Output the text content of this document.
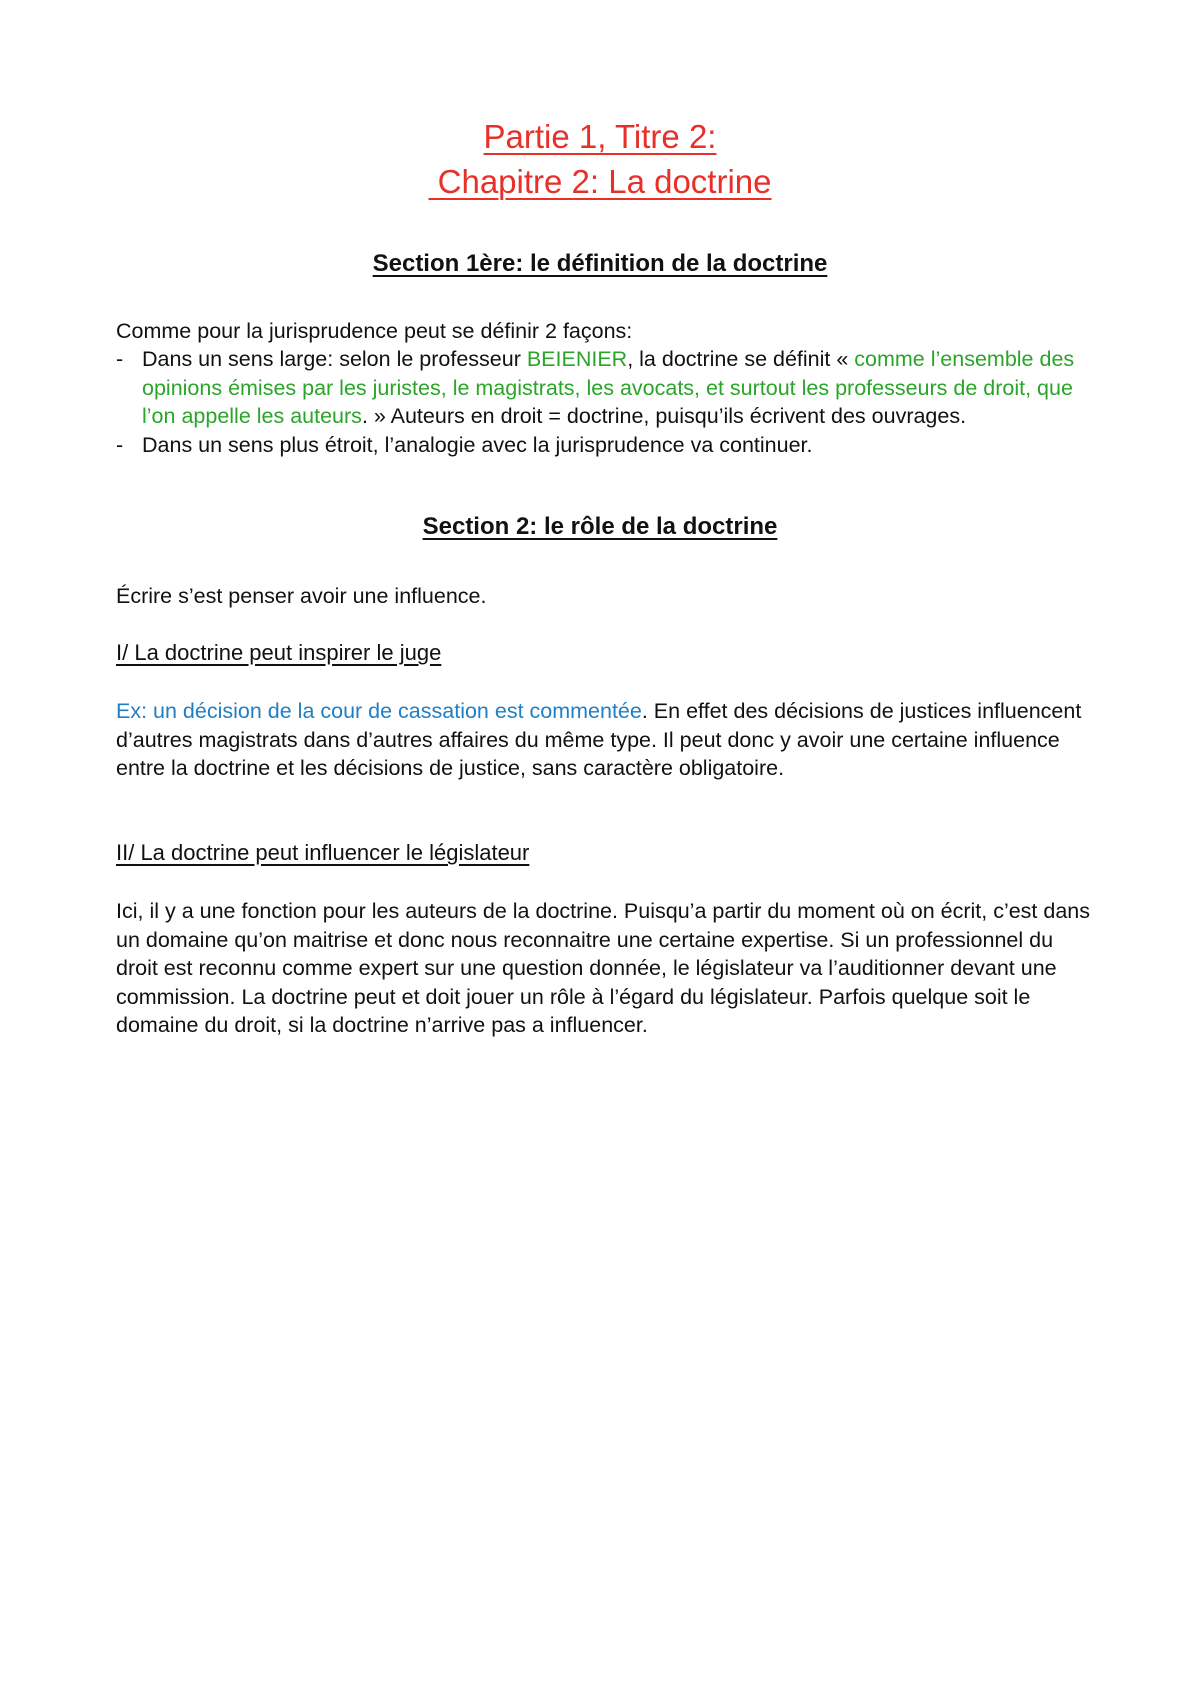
Partie 1, Titre 2:
Chapitre 2: La doctrine
Section 1ère: le définition de la doctrine

Comme pour la jurisprudence peut se définir 2 façons:

- Dans un sens large: selon le professeur BEIENIER, la doctrine se définit « comme l’ensemble des opinions émises par les juristes, le magistrats, les avocats, et surtout les professeurs de droit, que l’on appelle les auteurs. » Auteurs en droit = doctrine, puisqu’ils écrivent des ouvrages.
- Dans un sens plus étroit, l’analogie avec la jurisprudence va continuer.
Section 2: le rôle de la doctrine

Écrire s’est penser avoir une influence.

I/ La doctrine peut inspirer le juge

Ex: un décision de la cour de cassation est commentée. En effet des décisions de justices influencent d’autres magistrats dans d’autres affaires du même type. Il peut donc y avoir une certaine influence entre la doctrine et les décisions de justice, sans caractère obligatoire.

II/ La doctrine peut influencer le législateur

Ici, il y a une fonction pour les auteurs de la doctrine. Puisqu’a partir du moment où on écrit, c’est dans un domaine qu’on maitrise et donc nous reconnaitre une certaine expertise. Si un professionnel du droit est reconnu comme expert sur une question donnée, le législateur va l’auditionner devant une commission. La doctrine peut et doit jouer un rôle à l’égard du législateur. Parfois quelque soit le domaine du droit, si la doctrine n’arrive pas a influencer.
